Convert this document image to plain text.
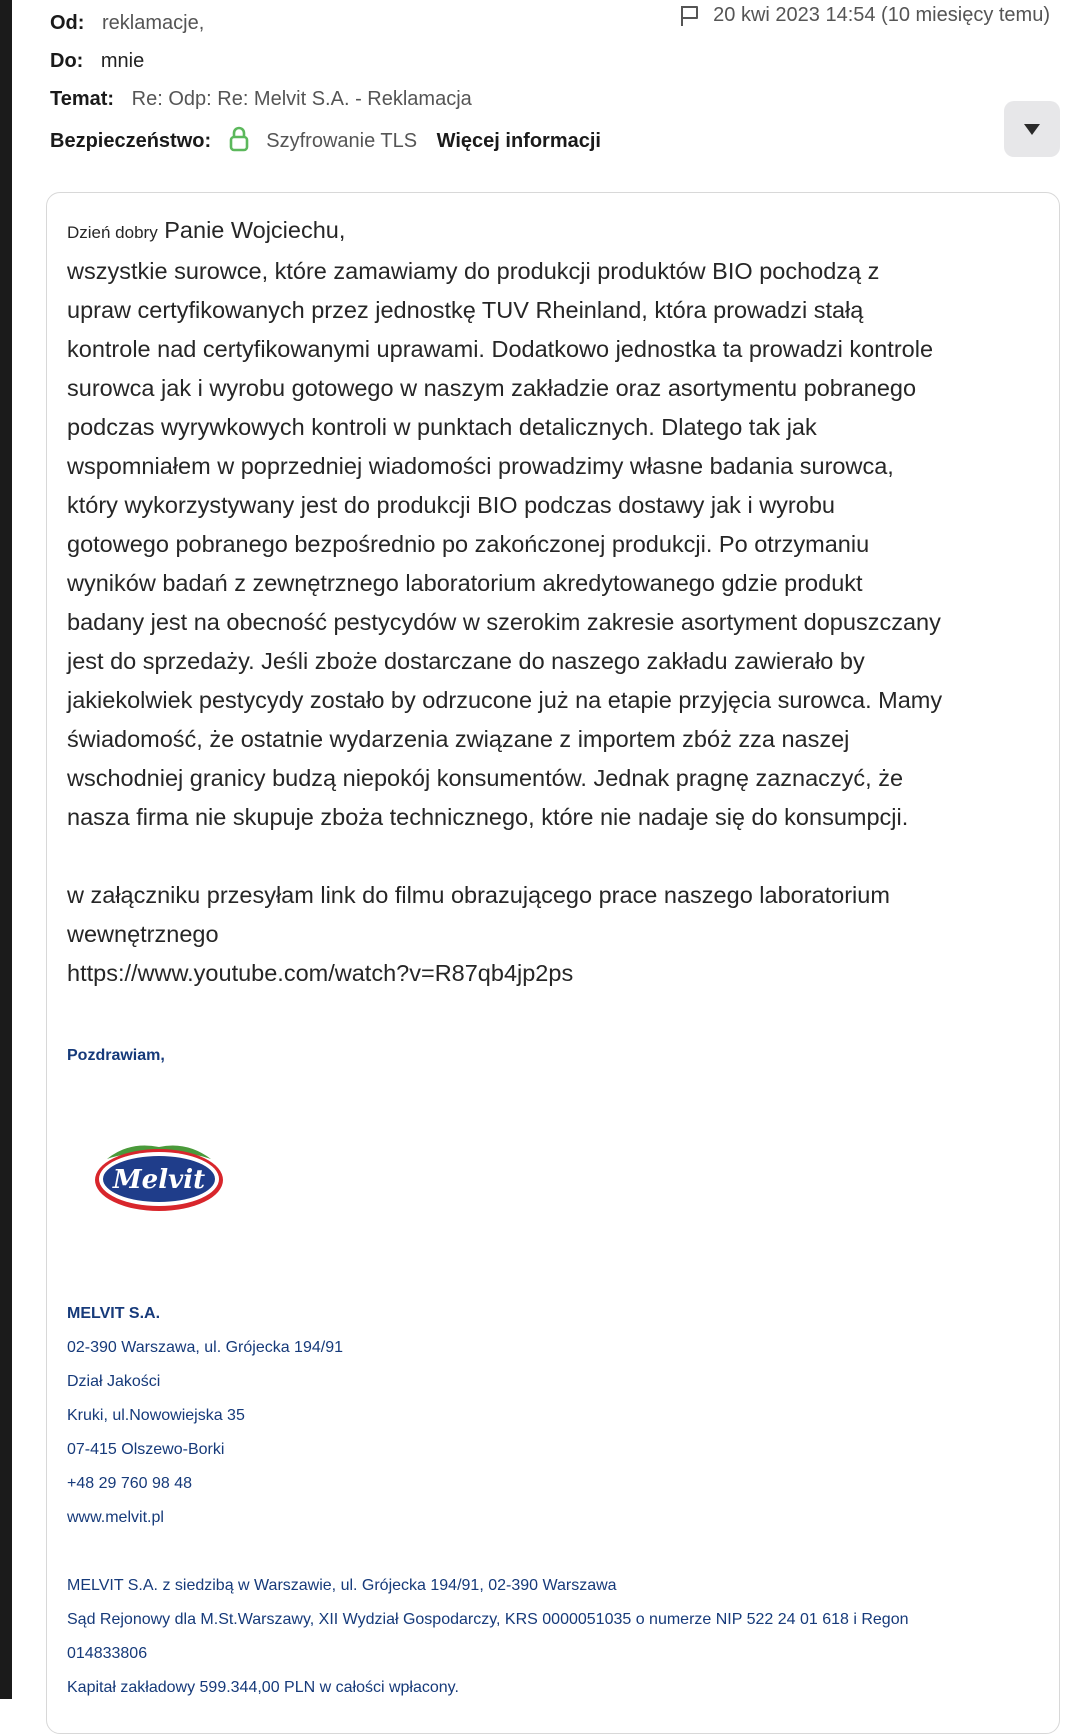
Od: reklamacje,	20 kwi 2023 14:54 (10 miesięcy temu)
Do: mnie
Temat: Re: Odp: Re: Melvit S.A. - Reklamacja
Bezpieczeństwo:	Szyfrowanie TLS Więcej informacji

Dzień dobry Panie Wojciechu,

wszystkie surowce, które zamawiamy do produkcji produktów BIO pochodzą z

upraw certyfikowanych przez jednostkę TUV Rheinland, która prowadzi stałą

kontrole nad certyfikowanymi uprawami. Dodatkowo jednostka ta prowadzi kontrole

surowca jak i wyrobu gotowego w naszym zakładzie oraz asortymentu pobranego

podczas wyrywkowych kontroli w punktach detalicznych. Dlatego tak jak

wspomniałem w poprzedniej wiadomości prowadzimy własne badania surowca,

który wykorzystywany jest do produkcji BIO podczas dostawy jak i wyrobu

gotowego pobranego bezpośrednio po zakończonej produkcji. Po otrzymaniu

wyników badań z zewnętrznego laboratorium akredytowanego gdzie produkt

badany jest na obecność pestycydów w szerokim zakresie asortyment dopuszczany

jest do sprzedaży. Jeśli zboże dostarczane do naszego zakładu zawierało by

jakiekolwiek pestycydy zostało by odrzucone już na etapie przyjęcia surowca. Mamy

świadomość, że ostatnie wydarzenia związane z importem zbóż zza naszej

wschodniej granicy budzą niepokój konsumentów. Jednak pragnę zaznaczyć, że

nasza firma nie skupuje zboża technicznego, które nie nadaje się do konsumpcji.

w załączniku przesyłam link do filmu obrazującego prace naszego laboratorium

wewnętrznego

https://www.youtube.com/watch?v=R87qb4jp2ps

Pozdrawiam,
Melvit
MELVIT S.A.
02-390 Warszawa, ul. Grójecka 194/91
Dział Jakości
Kruki, ul.Nowowiejska 35
07-415 Olszewo-Borki
+48 29 760 98 48
www.melvit.pl
MELVIT S.A. z siedzibą w Warszawie, ul. Grójecka 194/91, 02-390 Warszawa
Sąd Rejonowy dla M.St.Warszawy, XII Wydział Gospodarczy, KRS 0000051035 o numerze NIP 522 24 01 618 i Regon
014833806
Kapitał zakładowy 599.344,00 PLN w całości wpłacony.
